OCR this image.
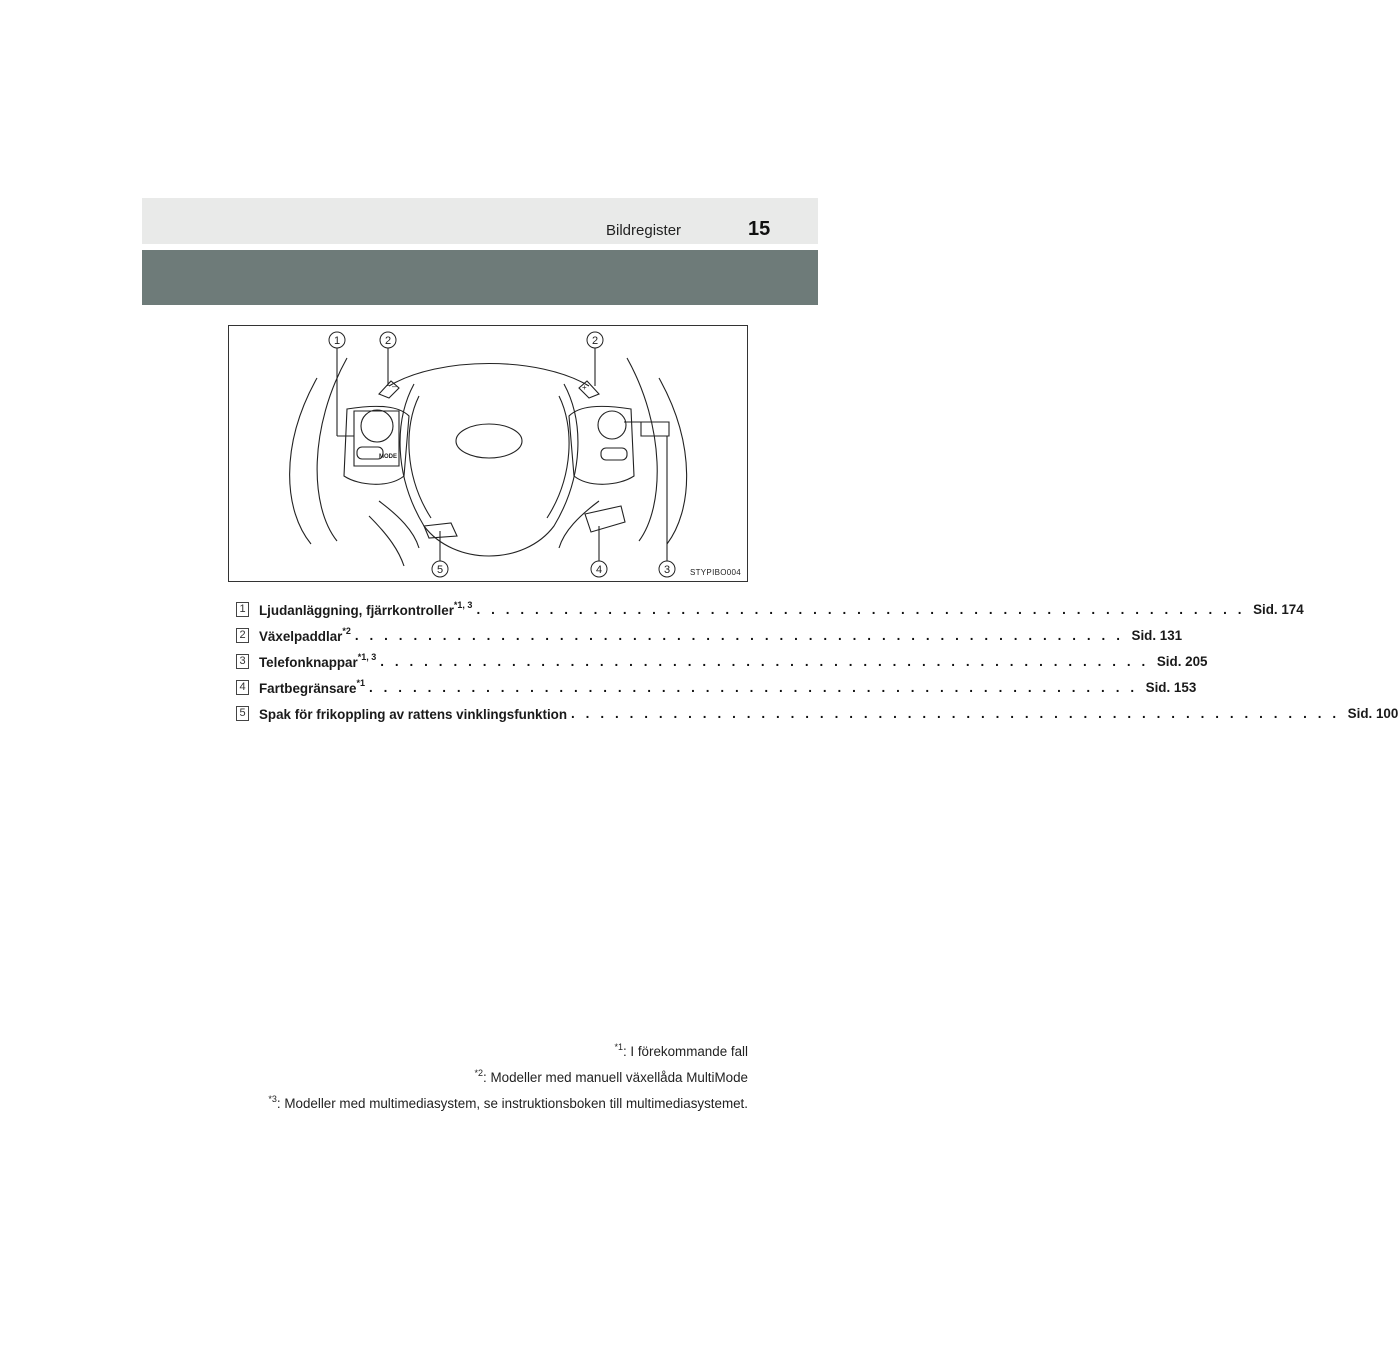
Bildregister	15
MODE
–	+
1	2	2
5	4	3 STYPIBO004
1 Ljudanläggning, fjärrkontroller$^{*1, 3}$ . . . . . . . . . . . . . . . . . . . . . . . . . . . . . . . . . . . . . . . . . . . . . . . . . . . . . Sid. 174
2 Växelpaddlar$^{*2}$ . . . . . . . . . . . . . . . . . . . . . . . . . . . . . . . . . . . . . . . . . . . . . . . . . . . . . Sid. 131
3 Telefonknappar$^{*1, 3}$ . . . . . . . . . . . . . . . . . . . . . . . . . . . . . . . . . . . . . . . . . . . . . . . . . . . . . Sid. 205
4 Fartbegränsare$^{*1}$ . . . . . . . . . . . . . . . . . . . . . . . . . . . . . . . . . . . . . . . . . . . . . . . . . . . . . Sid. 153
5 Spak för frikoppling av rattens vinklingsfunktion . . . . . . . . . . . . . . . . . . . . . . . . . . . . . . . . . . . . . . . . . . . . . . . . . . . . . Sid. 100
$^{*1}$: I förekommande fall
$^{*2}$: Modeller med manuell växellåda MultiMode
$^{*3}$: Modeller med multimediasystem, se instruktionsboken till multimediasystemet.
